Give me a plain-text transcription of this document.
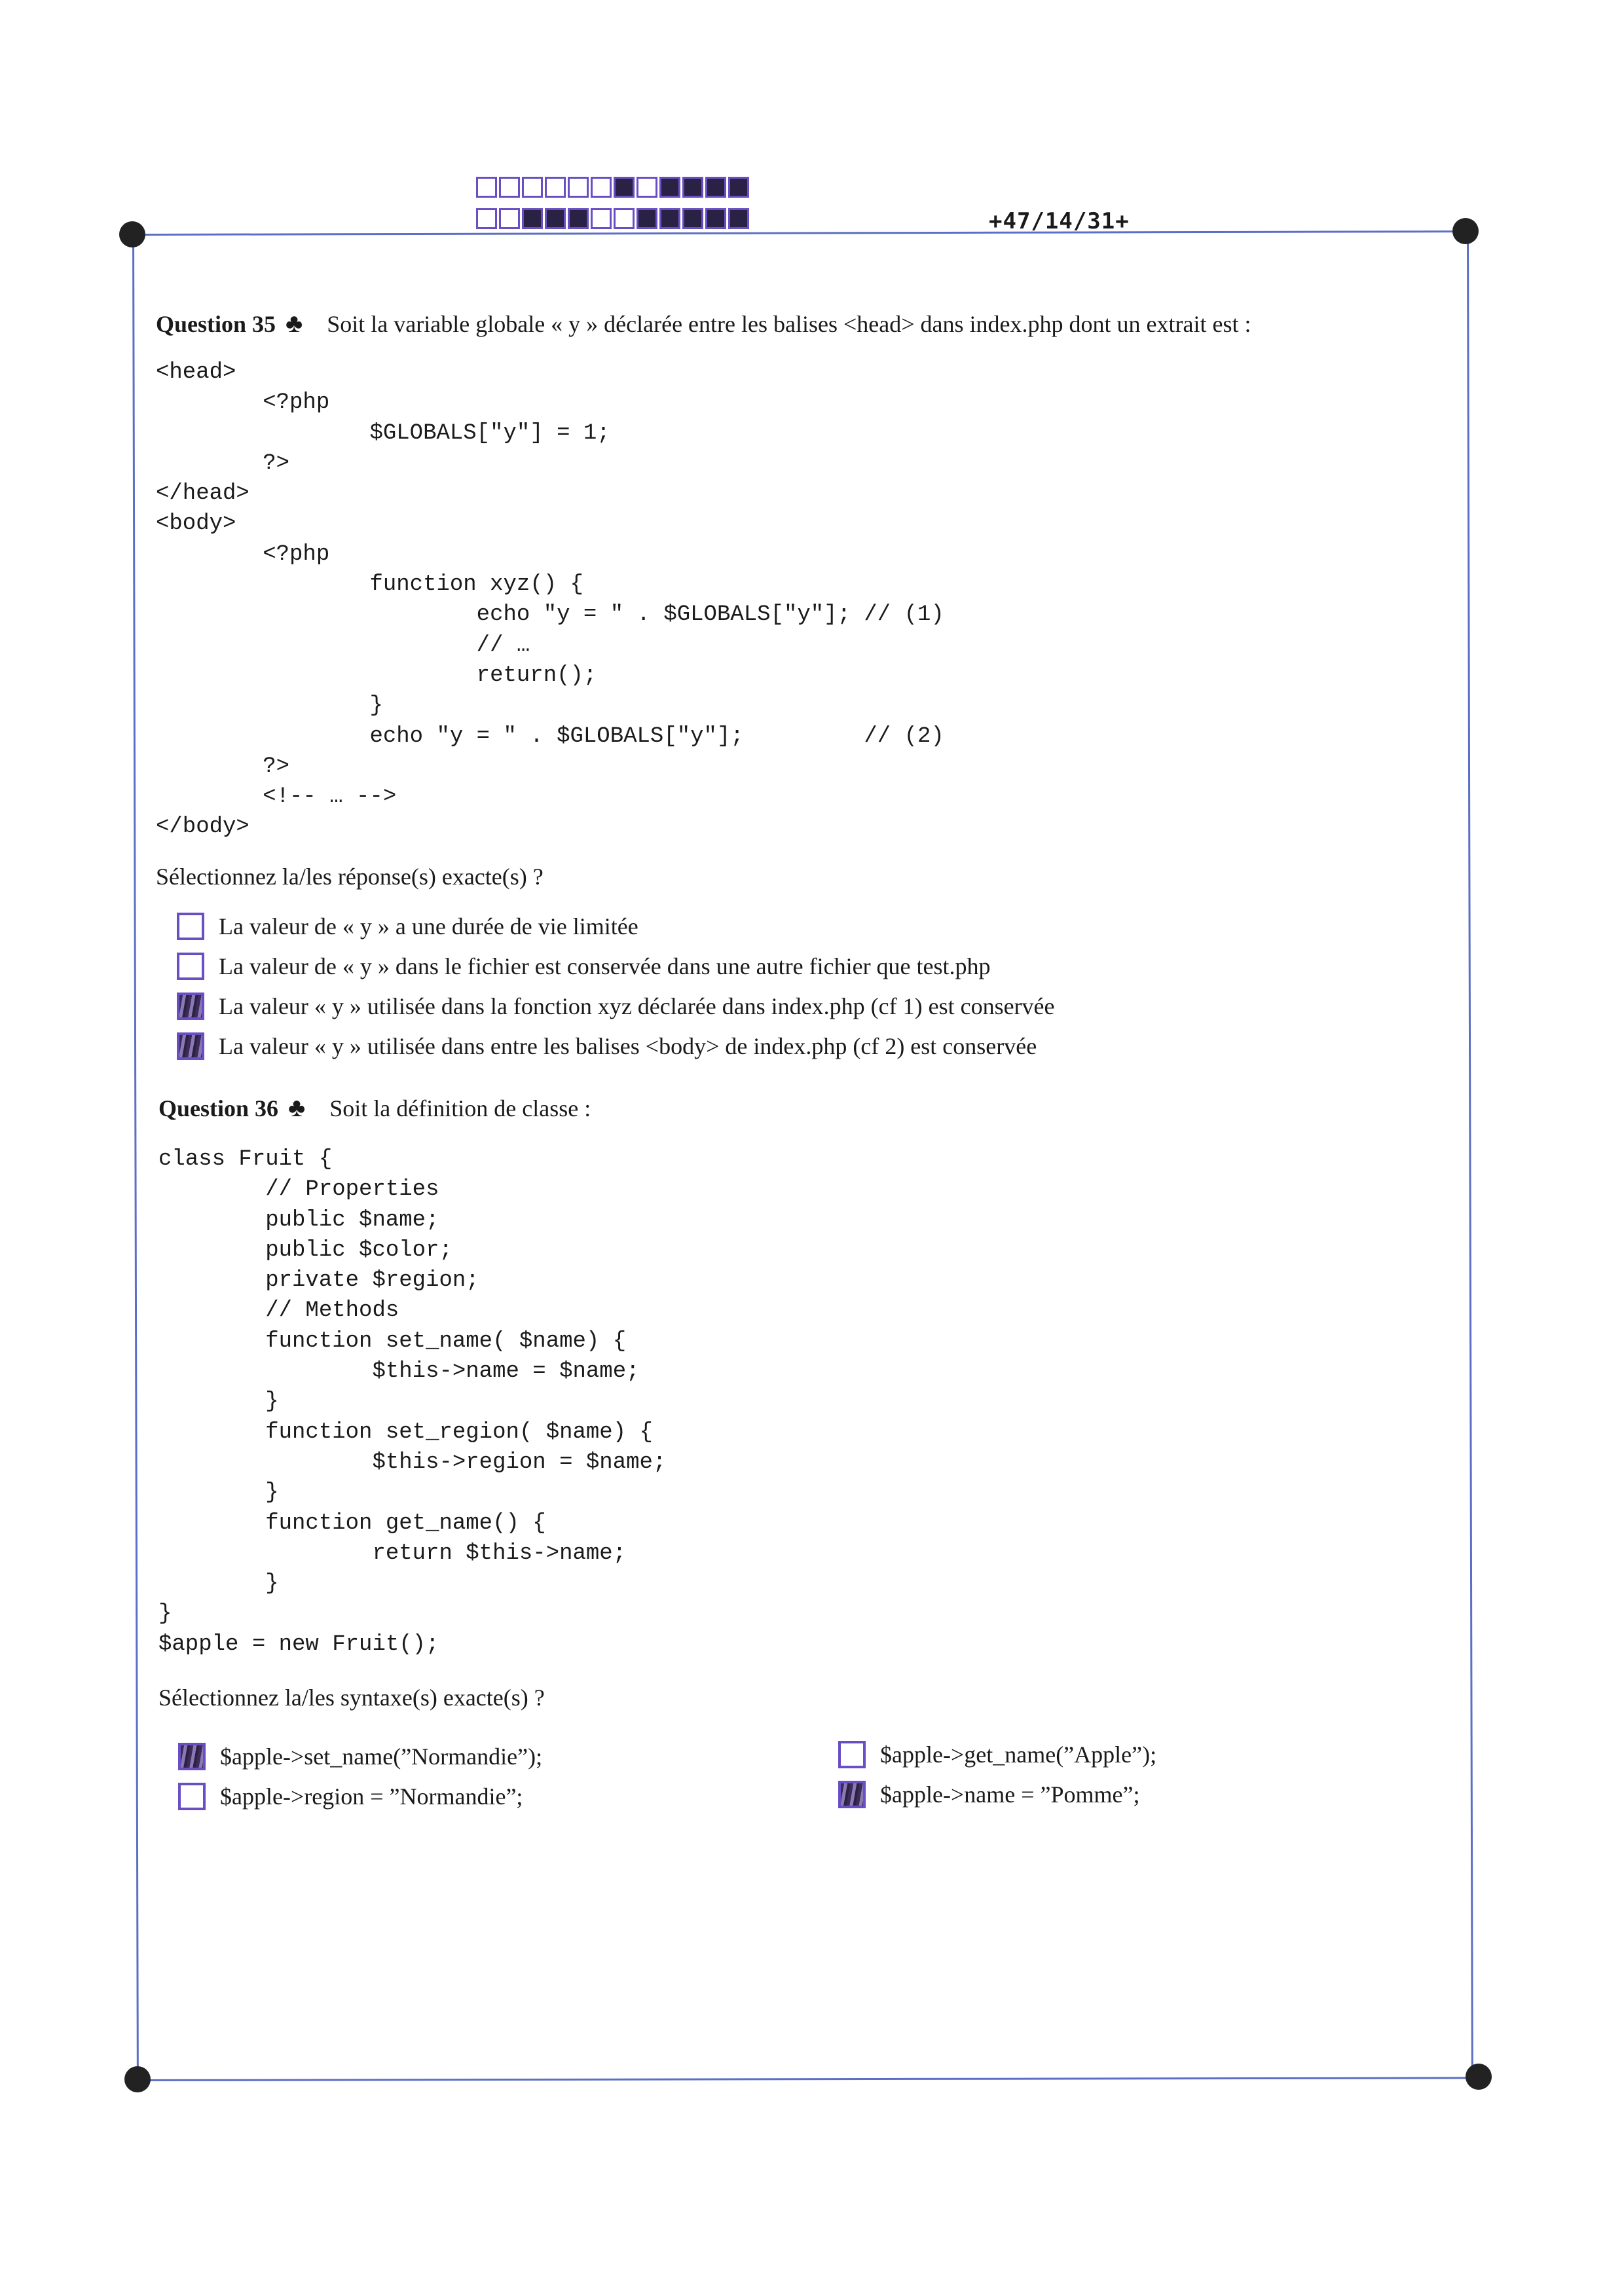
+47/14/31+
Question 35 ♣ Soit la variable globale « y » déclarée entre les balises <head> dans index.php dont un extrait est :
<head>
<?php
$GLOBALS["y"] = 1;
?>
</head>
<body>
<?php
function xyz() {
echo "y = " . $GLOBALS["y"]; // (1)
// …
return();
}
echo "y = " . $GLOBALS["y"];         // (2)
?>
<!-- … -->
</body>
Sélectionnez la/les réponse(s) exacte(s) ?
La valeur de « y » a une durée de vie limitée
La valeur de « y » dans le fichier est conservée dans une autre fichier que test.php
La valeur « y » utilisée dans la fonction xyz déclarée dans index.php (cf 1) est conservée
La valeur « y » utilisée dans entre les balises <body> de index.php (cf 2) est conservée
Question 36 ♣ Soit la définition de classe :
class Fruit {
// Properties
public $name;
public $color;
private $region;
// Methods
function set_name( $name) {
$this->name = $name;
}
function set_region( $name) {
$this->region = $name;
}
function get_name() {
return $this->name;
}
}
$apple = new Fruit();
Sélectionnez la/les syntaxe(s) exacte(s) ?
$apple->set_name(”Normandie”);
$apple->region = ”Normandie”;
$apple->get_name(”Apple”);
$apple->name = ”Pomme”;
